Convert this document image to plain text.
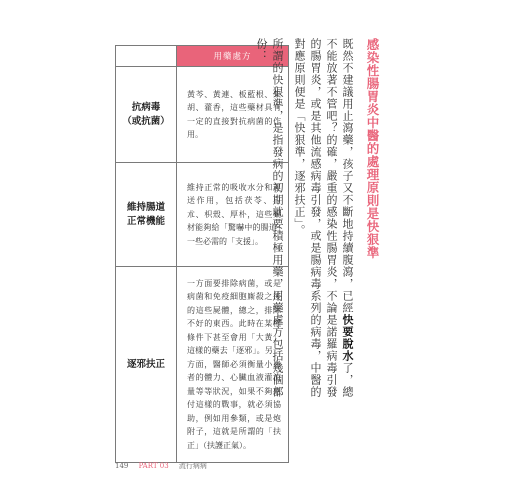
	用藥處方

抗病毒
（或抗菌）	黃芩、黃連、板藍根、柴胡、藿香，這些藥材具有一定的直接對抗病菌的作用。

維持腸道
正常機能	維持正常的吸收水分和運送作用，包括茯苓、白朮、枳殼、厚朴，這些藥材能夠給「驚嚇中的腸道」一些必需的「支援」。

逐邪扶正	一方面要排除病菌，或是病菌和免疫細胞廝殺之後的這些屍體，總之，排除不好的東西。此時在某種條件下甚至會用「大黃」這樣的藥去「逐邪」。另一方面，醫師必須衡量小患者的體力、心臟血液灌流量等等狀況，如果不夠應付這樣的戰事，就必須協助，例如用參類，或是炮附子，這就是所謂的「扶正」（扶護正氣）。
感染性腸胃炎中醫的處理原則是快狠準

既然不建議用止瀉藥，孩子又不斷地持續腹瀉，已經快要脫水了，總不能放著不管吧？的確，嚴重的感染性腸胃炎，不論是諾羅病毒引發的腸胃炎，或是其他流感病毒引發，或是腸病毒系列的病毒，中醫的對應原則便是「快狠準，逐邪扶正」。

所謂的快狠準，是指發病的初期就要積極用藥，用藥處方包括幾個部份：

149 PART 03 流行病病
